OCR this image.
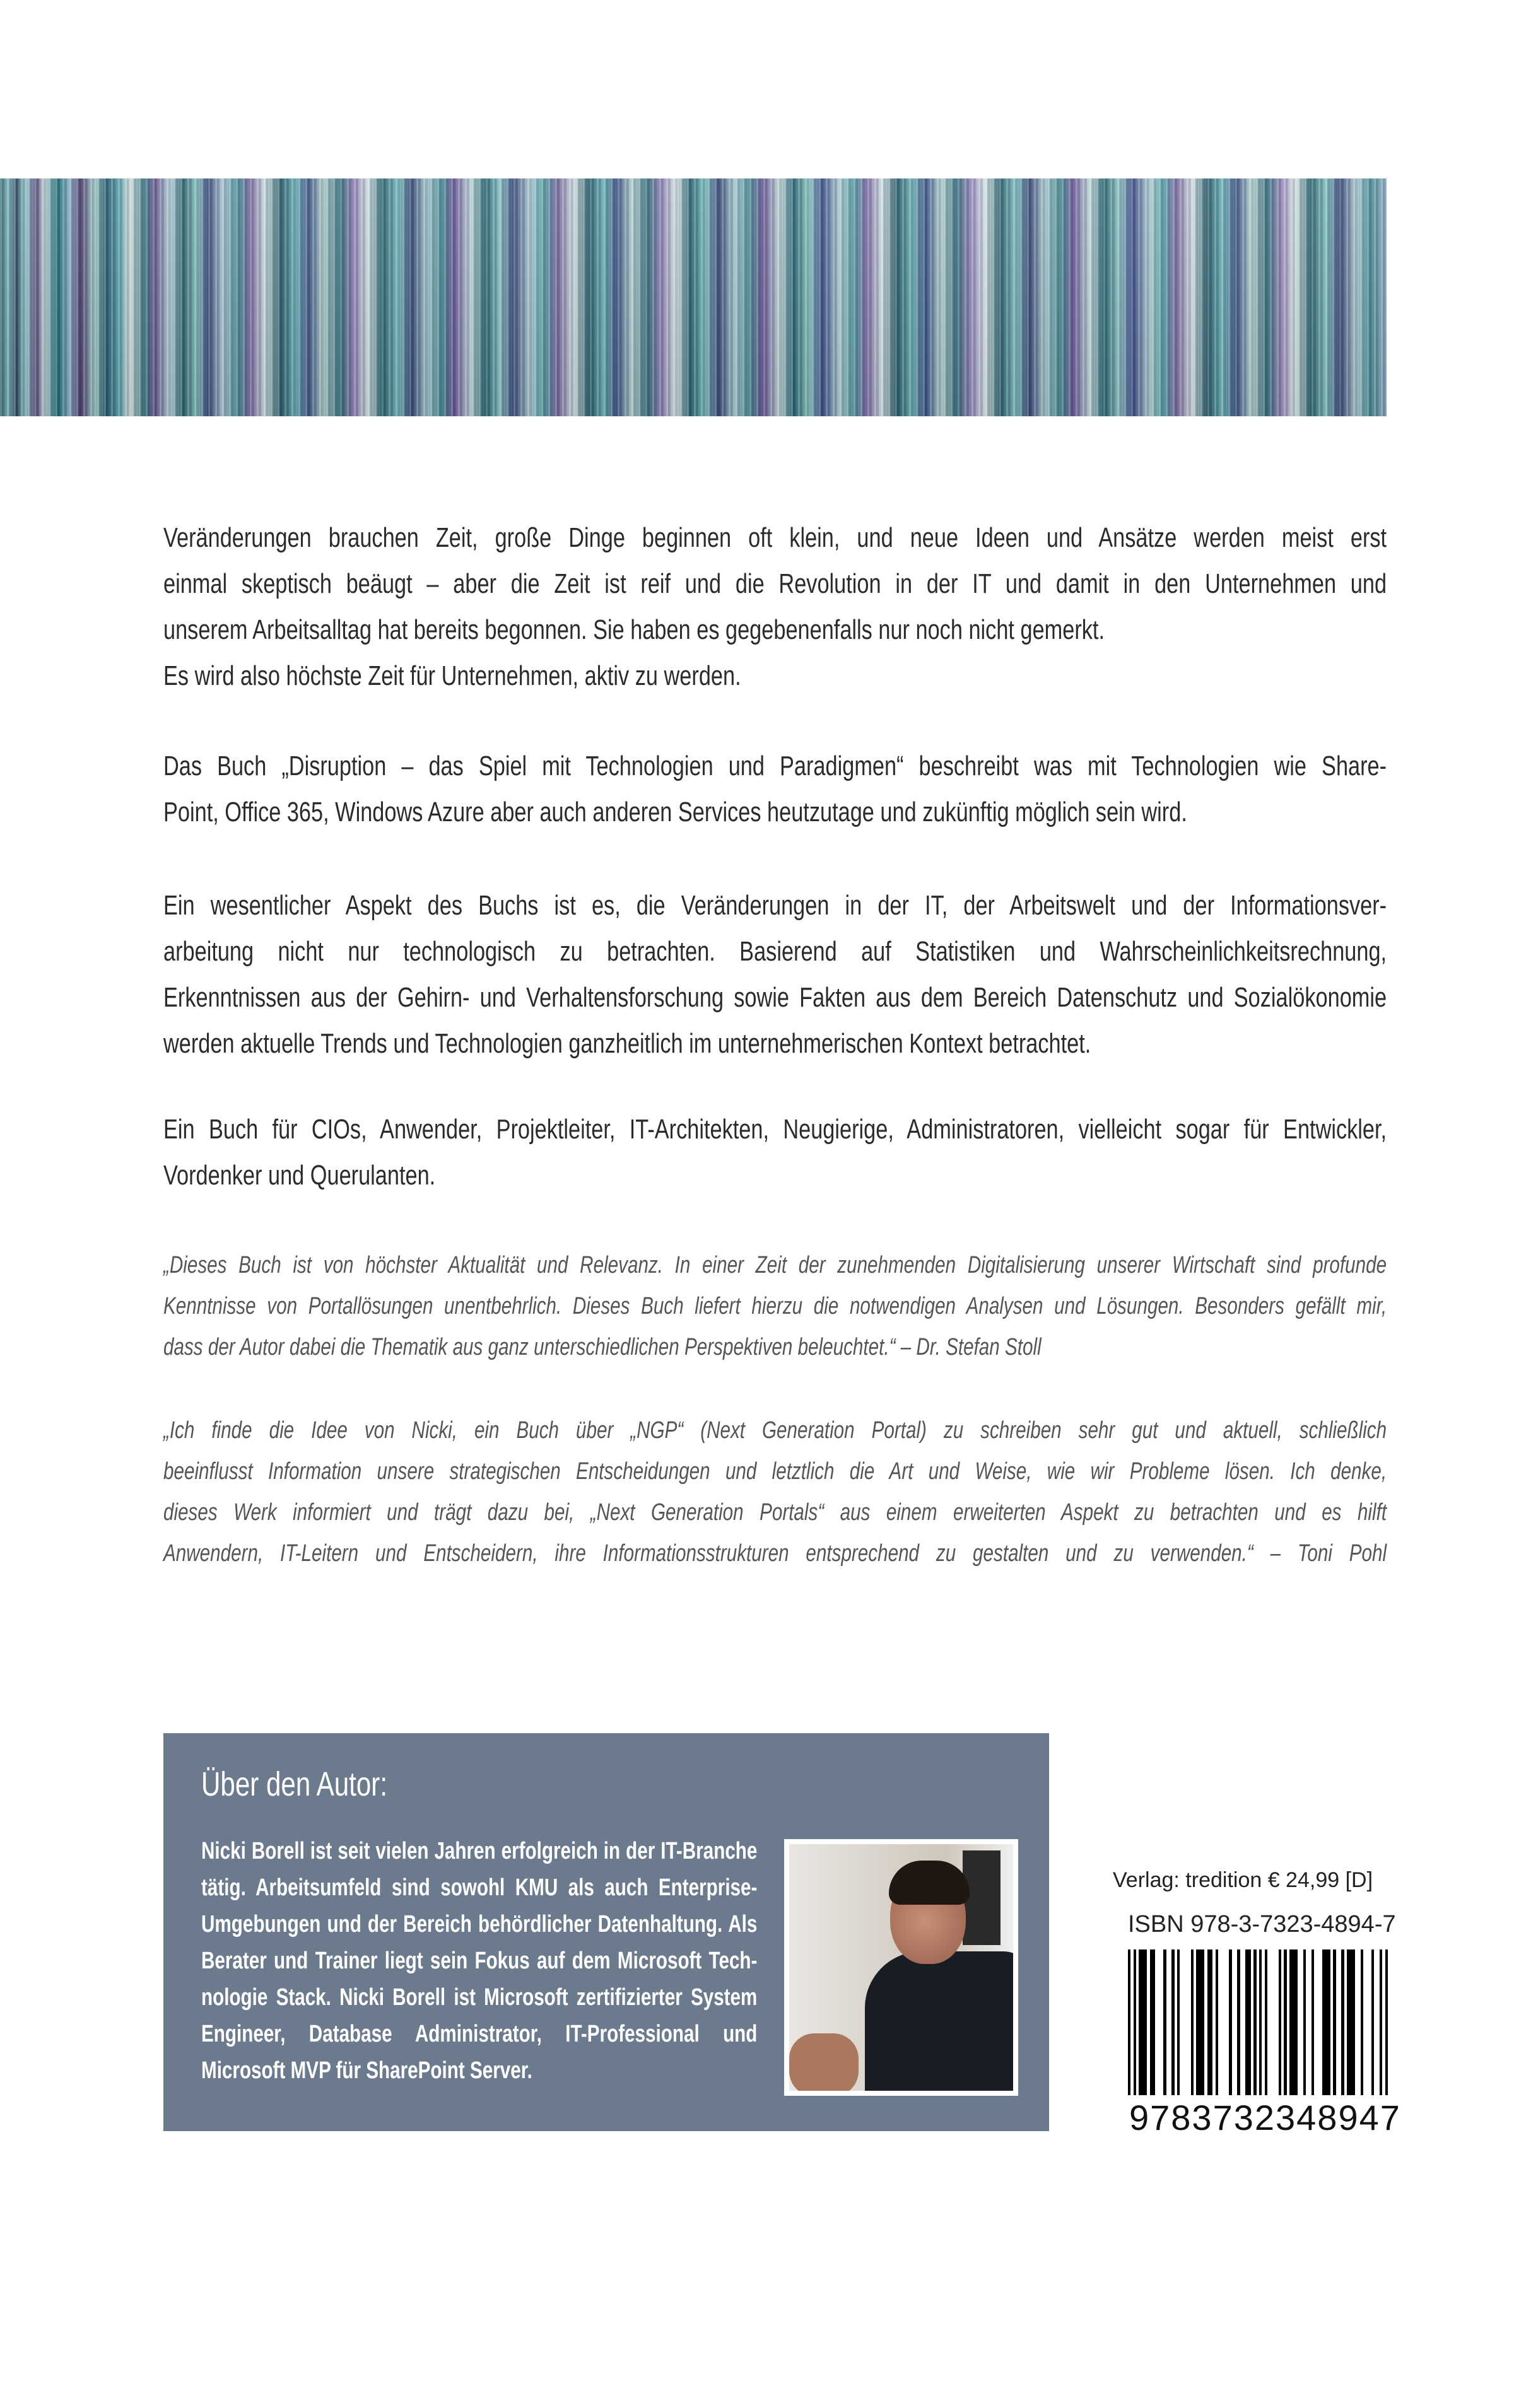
Veränderungen brauchen Zeit, große Dinge beginnen oft klein, und neue Ideen und Ansätze werden meist erst
einmal skeptisch beäugt – aber die Zeit ist reif und die Revolution in der IT und damit in den Unternehmen und
unserem Arbeitsalltag hat bereits begonnen. Sie haben es gegebenenfalls nur noch nicht gemerkt.
Es wird also höchste Zeit für Unternehmen, aktiv zu werden.
Das Buch „Disruption – das Spiel mit Technologien und Paradigmen“ beschreibt was mit Technologien wie Share-
Point, Office 365, Windows Azure aber auch anderen Services heutzutage und zukünftig möglich sein wird.
Ein wesentlicher Aspekt des Buchs ist es, die Veränderungen in der IT, der Arbeitswelt und der Informationsver-
arbeitung nicht nur technologisch zu betrachten. Basierend auf Statistiken und Wahrscheinlichkeitsrechnung,
Erkenntnissen aus der Gehirn- und Verhaltensforschung sowie Fakten aus dem Bereich Datenschutz und Sozialökonomie
werden aktuelle Trends und Technologien ganzheitlich im unternehmerischen Kontext betrachtet.
Ein Buch für CIOs, Anwender, Projektleiter, IT-Architekten, Neugierige, Administratoren, vielleicht sogar für Entwickler,
Vordenker und Querulanten.
„Dieses Buch ist von höchster Aktualität und Relevanz. In einer Zeit der zunehmenden Digitalisierung unserer Wirtschaft sind profunde
Kenntnisse von Portallösungen unentbehrlich. Dieses Buch liefert hierzu die notwendigen Analysen und Lösungen. Besonders gefällt mir,
dass der Autor dabei die Thematik aus ganz unterschiedlichen Perspektiven beleuchtet.“ – Dr. Stefan Stoll
„Ich finde die Idee von Nicki, ein Buch über „NGP“ (Next Generation Portal) zu schreiben sehr gut und aktuell, schließlich
beeinflusst Information unsere strategischen Entscheidungen und letztlich die Art und Weise, wie wir Probleme lösen. Ich denke,
dieses Werk informiert und trägt dazu bei, „Next Generation Portals“ aus einem erweiterten Aspekt zu betrachten und es hilft
Anwendern, IT-Leitern und Entscheidern, ihre Informationsstrukturen entsprechend zu gestalten und zu verwenden.“ – Toni Pohl
Über den Autor:
Nicki Borell ist seit vielen Jahren erfolgreich in der IT-Branche
tätig. Arbeitsumfeld sind sowohl KMU als auch Enterprise-
Umgebungen und der Bereich behördlicher Datenhaltung. Als
Berater und Trainer liegt sein Fokus auf dem Microsoft Tech-
nologie Stack. Nicki Borell ist Microsoft zertifizierter System
Engineer, Database Administrator, IT-Professional und
Microsoft MVP für SharePoint Server.
Verlag: tredition € 24,99 [D]
ISBN 978-3-7323-4894-7
9783732348947
